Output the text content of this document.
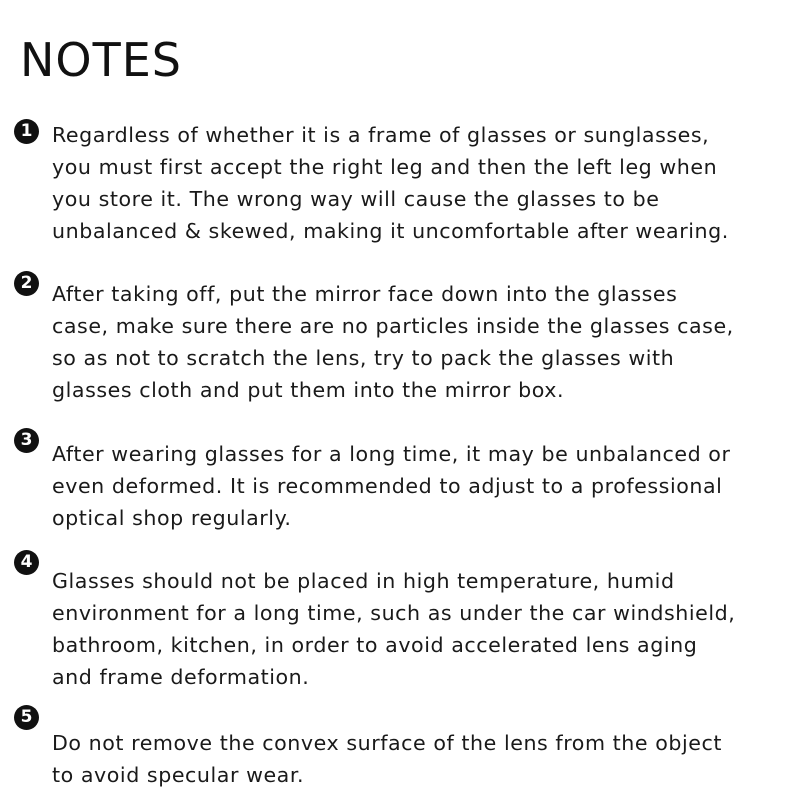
NOTES
1 Regardless of whether it is a frame of glasses or sunglasses,
you must first accept the right leg and then the left leg when
you store it. The wrong way will cause the glasses to be
unbalanced & skewed, making it uncomfortable after wearing.

2 After taking off, put the mirror face down into the glasses
case, make sure there are no particles inside the glasses case,
so as not to scratch the lens, try to pack the glasses with
glasses cloth and put them into the mirror box.

3

After wearing glasses for a long time, it may be unbalanced or
even deformed. It is recommended to adjust to a professional
optical shop regularly.

4

Glasses should not be placed in high temperature, humid
environment for a long time, such as under the car windshield,
bathroom, kitchen, in order to avoid accelerated lens aging
and frame deformation.

5

Do not remove the convex surface of the lens from the object
to avoid specular wear.
